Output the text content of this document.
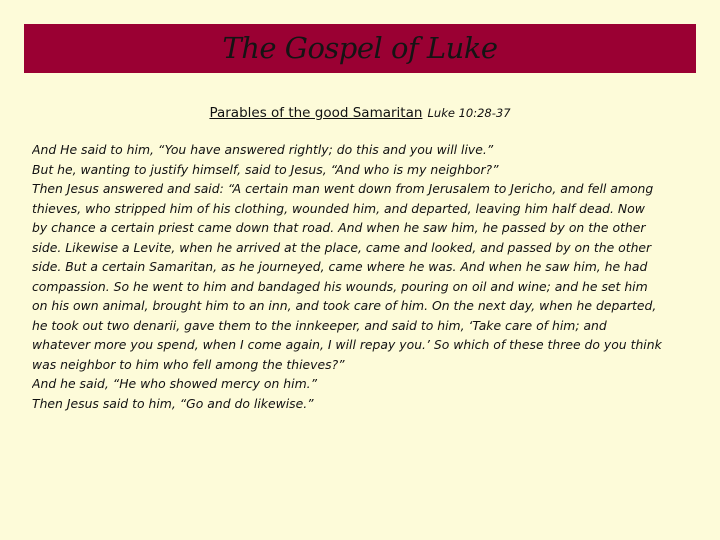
The Gospel of Luke
Parables of the good Samaritan Luke 10:28-37
And He said to him, “You have answered rightly; do this and you will live.”
But he, wanting to justify himself, said to Jesus, “And who is my neighbor?”
Then Jesus answered and said: “A certain man went down from Jerusalem to Jericho, and fell among
thieves, who stripped him of his clothing, wounded him, and departed, leaving him half dead. Now
by chance a certain priest came down that road. And when he saw him, he passed by on the other
side. Likewise a Levite, when he arrived at the place, came and looked, and passed by on the other
side. But a certain Samaritan, as he journeyed, came where he was. And when he saw him, he had
compassion. So he went to him and bandaged his wounds, pouring on oil and wine; and he set him
on his own animal, brought him to an inn, and took care of him. On the next day, when he departed,
he took out two denarii, gave them to the innkeeper, and said to him, ‘Take care of him; and
whatever more you spend, when I come again, I will repay you.’ So which of these three do you think
was neighbor to him who fell among the thieves?”
And he said, “He who showed mercy on him.”
Then Jesus said to him, “Go and do likewise.”
